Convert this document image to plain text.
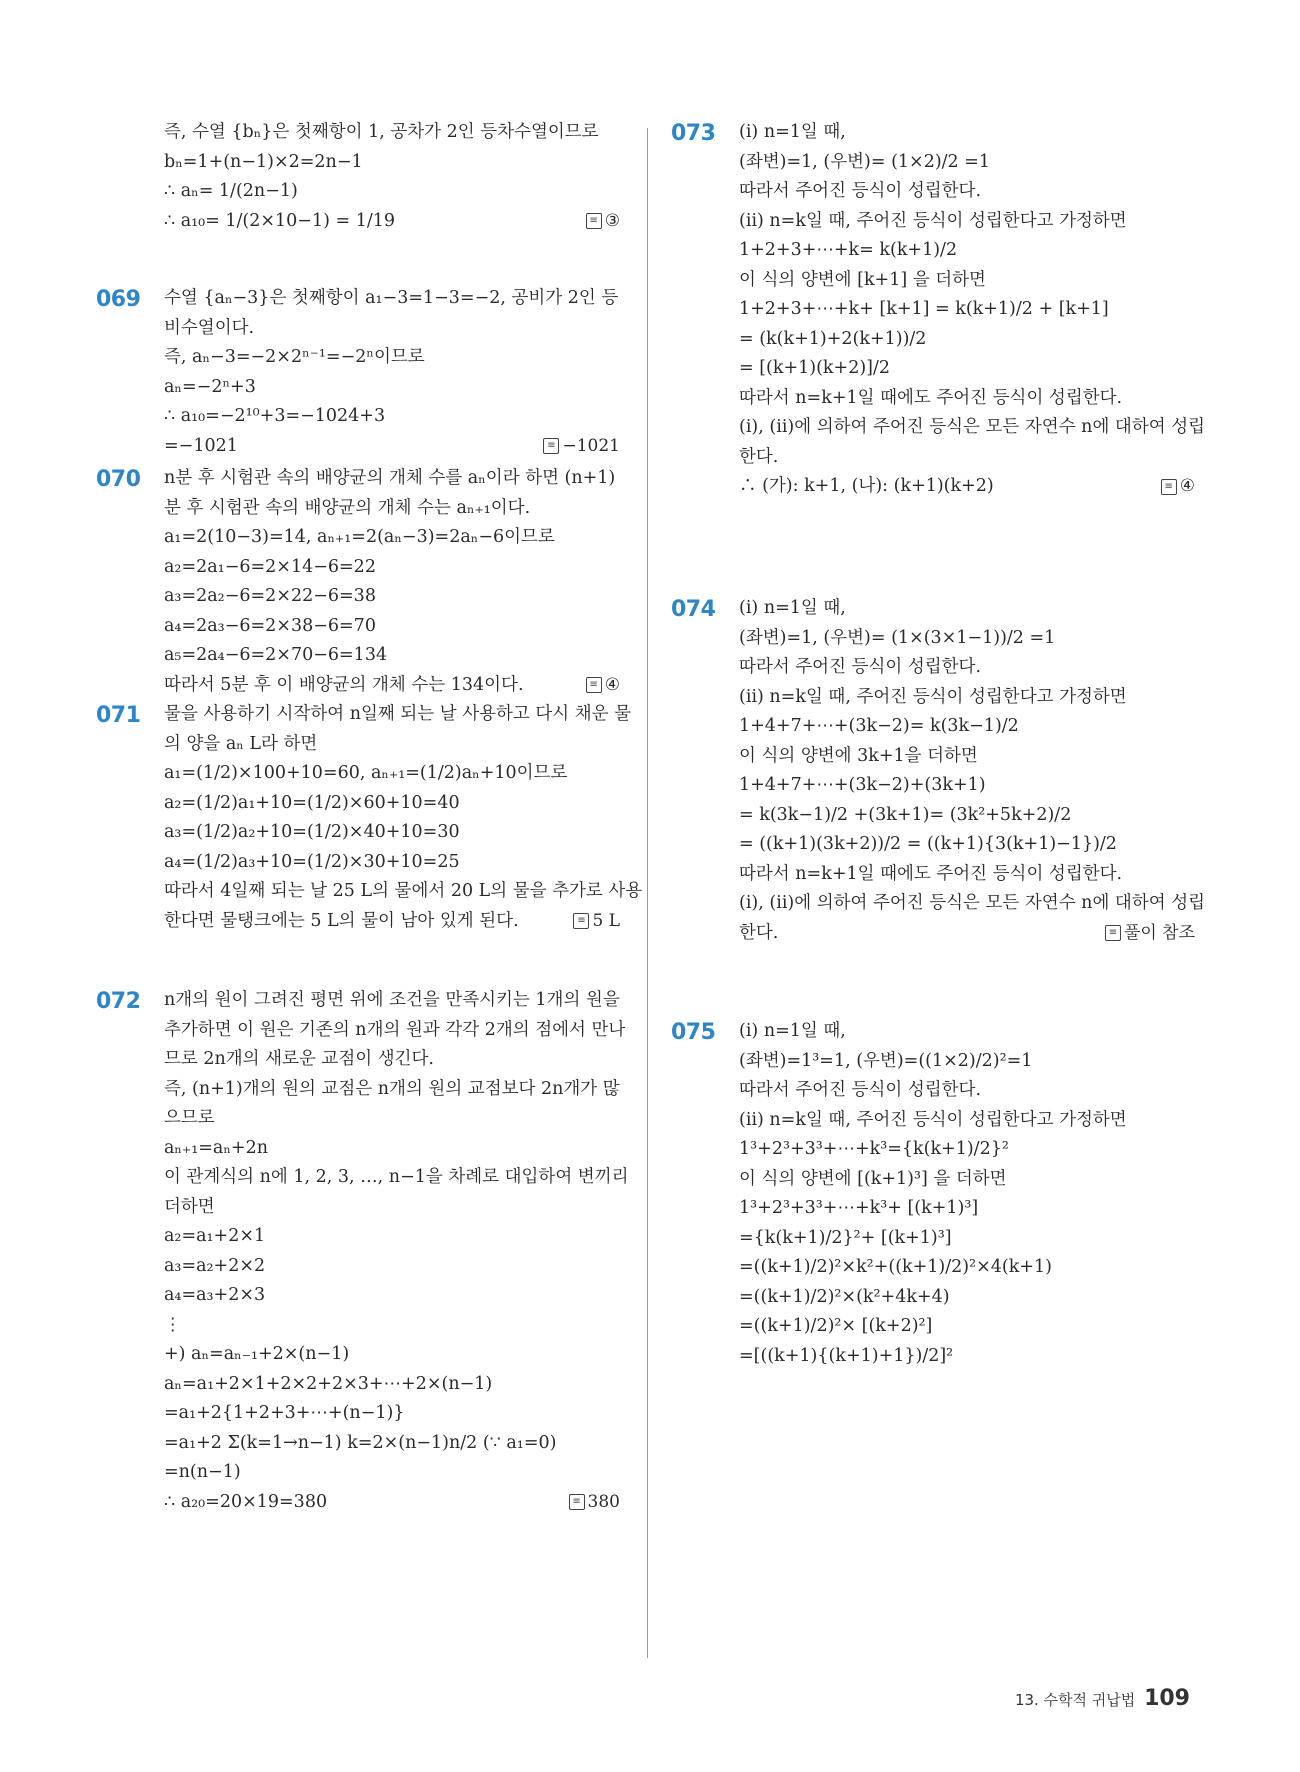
즉, 수열 {bₙ}은 첫째항이 1, 공차가 2인 등차수열이므로
bₙ=1+(n−1)×2=2n−1
∴ aₙ= 1/(2n−1)
∴ a₁₀= 1/(2×10−1) = 1/19	≡ ③
069 수열 {aₙ−3}은 첫째항이 a₁−3=1−3=−2, 공비가 2인 등
비수열이다.
즉, aₙ−3=−2×2ⁿ⁻¹=−2ⁿ이므로
aₙ=−2ⁿ+3
∴ a₁₀=−2¹⁰+3=−1024+3
=−1021	≡ −1021
070 n분 후 시험관 속의 배양균의 개체 수를 aₙ이라 하면 (n+1)
분 후 시험관 속의 배양균의 개체 수는 aₙ₊₁이다.
a₁=2(10−3)=14, aₙ₊₁=2(aₙ−3)=2aₙ−6이므로
a₂=2a₁−6=2×14−6=22
a₃=2a₂−6=2×22−6=38
a₄=2a₃−6=2×38−6=70
a₅=2a₄−6=2×70−6=134
따라서 5분 후 이 배양균의 개체 수는 134이다.	≡ ④
071 물을 사용하기 시작하여 n일째 되는 날 사용하고 다시 채운 물
의 양을 aₙ L라 하면
a₁=(1/2)×100+10=60, aₙ₊₁=(1/2)aₙ+10이므로
a₂=(1/2)a₁+10=(1/2)×60+10=40
a₃=(1/2)a₂+10=(1/2)×40+10=30
a₄=(1/2)a₃+10=(1/2)×30+10=25
따라서 4일째 되는 날 25 L의 물에서 20 L의 물을 추가로 사용
한다면 물탱크에는 5 L의 물이 남아 있게 된다.	≡ 5 L
072 n개의 원이 그려진 평면 위에 조건을 만족시키는 1개의 원을
추가하면 이 원은 기존의 n개의 원과 각각 2개의 점에서 만나
므로 2n개의 새로운 교점이 생긴다.
즉, (n+1)개의 원의 교점은 n개의 원의 교점보다 2n개가 많
으므로
aₙ₊₁=aₙ+2n
이 관계식의 n에 1, 2, 3, …, n−1을 차례로 대입하여 변끼리
더하면
a₂=a₁+2×1
a₃=a₂+2×2
a₄=a₃+2×3
⋮
+) aₙ=aₙ₋₁+2×(n−1)
aₙ=a₁+2×1+2×2+2×3+⋯+2×(n−1)
=a₁+2{1+2+3+⋯+(n−1)}
=a₁+2 Σ(k=1→n−1) k=2×(n−1)n/2 (∵ a₁=0)
=n(n−1)
∴ a₂₀=20×19=380	≡ 380
073 (ⅰ) n=1일 때,
(좌변)=1, (우변)= (1×2)/2 =1
따라서 주어진 등식이 성립한다.
(ⅱ) n=k일 때, 주어진 등식이 성립한다고 가정하면
1+2+3+⋯+k= k(k+1)/2
이 식의 양변에 [k+1] 을 더하면
1+2+3+⋯+k+ [k+1] = k(k+1)/2 + [k+1]
= (k(k+1)+2(k+1))/2
= [(k+1)(k+2)]/2
따라서 n=k+1일 때에도 주어진 등식이 성립한다.
(ⅰ), (ⅱ)에 의하여 주어진 등식은 모든 자연수 n에 대하여 성립
한다.
∴ (가): k+1, (나): (k+1)(k+2)	≡ ④
074 (ⅰ) n=1일 때,
(좌변)=1, (우변)= (1×(3×1−1))/2 =1
따라서 주어진 등식이 성립한다.
(ⅱ) n=k일 때, 주어진 등식이 성립한다고 가정하면
1+4+7+⋯+(3k−2)= k(3k−1)/2
이 식의 양변에 3k+1을 더하면
1+4+7+⋯+(3k−2)+(3k+1)
= k(3k−1)/2 +(3k+1)= (3k²+5k+2)/2
= ((k+1)(3k+2))/2 = ((k+1){3(k+1)−1})/2
따라서 n=k+1일 때에도 주어진 등식이 성립한다.
(ⅰ), (ⅱ)에 의하여 주어진 등식은 모든 자연수 n에 대하여 성립
한다.	≡ 풀이 참조
075 (ⅰ) n=1일 때,
(좌변)=1³=1, (우변)=((1×2)/2)²=1
따라서 주어진 등식이 성립한다.
(ⅱ) n=k일 때, 주어진 등식이 성립한다고 가정하면
1³+2³+3³+⋯+k³={k(k+1)/2}²
이 식의 양변에 [(k+1)³] 을 더하면
1³+2³+3³+⋯+k³+ [(k+1)³]
={k(k+1)/2}²+ [(k+1)³]
=((k+1)/2)²×k²+((k+1)/2)²×4(k+1)
=((k+1)/2)²×(k²+4k+4)
=((k+1)/2)²× [(k+2)²]
=[((k+1){(k+1)+1})/2]²
13. 수학적 귀납법 109
